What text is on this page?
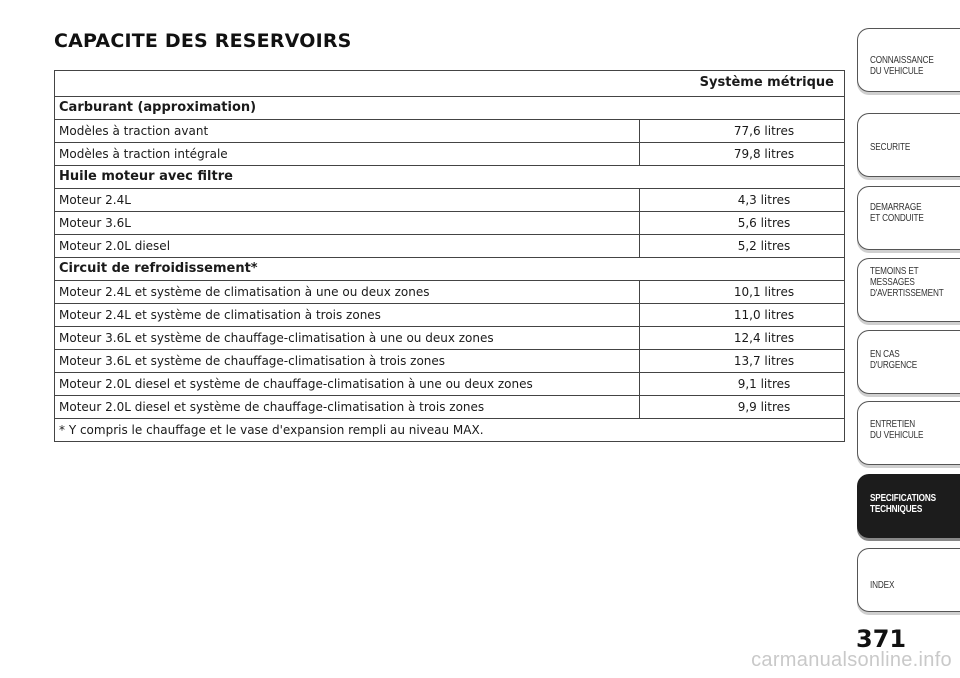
CAPACITE DES RESERVOIRS
Système métrique	
Carburant (approximation)	
Modèles à traction avant	77,6 litres
Modèles à traction intégrale	79,8 litres
Huile moteur avec filtre	
Moteur 2.4L	4,3 litres
Moteur 3.6L	5,6 litres
Moteur 2.0L diesel	5,2 litres
Circuit de refroidissement*	
Moteur 2.4L et système de climatisation à une ou deux zones	10,1 litres
Moteur 2.4L et système de climatisation à trois zones	11,0 litres
Moteur 3.6L et système de chauffage-climatisation à une ou deux zones	12,4 litres
Moteur 3.6L et système de chauffage-climatisation à trois zones	13,7 litres
Moteur 2.0L diesel et système de chauffage-climatisation à une ou deux zones	9,1 litres
Moteur 2.0L diesel et système de chauffage-climatisation à trois zones	9,9 litres
* Y compris le chauffage et le vase d'expansion rempli au niveau MAX.	
CONNAISSANCE
DU VEHICULE
SECURITE
DEMARRAGE
ET CONDUITE
TEMOINS ET
MESSAGES
D'AVERTISSEMENT
EN CAS
D'URGENCE
ENTRETIEN
DU VEHICULE
SPECIFICATIONS
TECHNIQUES
INDEX
371
carmanualsonline.info
